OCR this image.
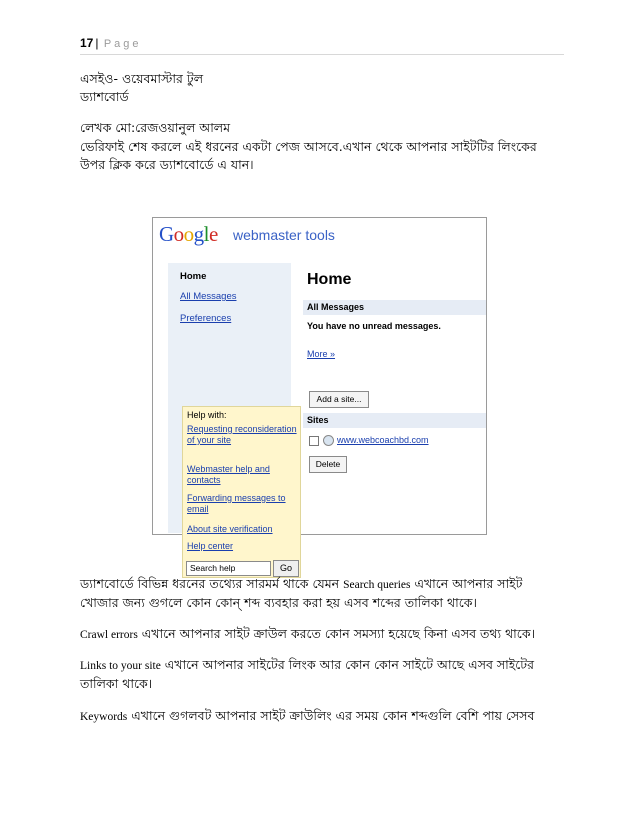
17 | Page
এসইও- ওয়েবমাস্টার টুল
ড্যাশবোর্ড
লেখক মো:রেজওয়ানুল আলম
ভেরিফাই শেষ করলে এই ধরনের একটা পেজ আসবে.এখান থেকে আপনার সাইটটির লিংকের
উপর ক্লিক করে ড্যাশবোর্ডে এ যান।
Google webmaster tools
Home
All Messages
Preferences
Help with:
Requesting reconsideration of your site
Webmaster help and contacts
Forwarding messages to email
About site verification
Help center
Search help	Go
Home
All Messages
You have no unread messages.
More »
Add a site...
Sites
www.webcoachbd.com
Delete
ড্যাশবোর্ডে বিভিন্ন ধরনের তথ্যের সারমর্ম থাকে যেমন Search queries এখানে আপনার সাইট
খোজার জন্য গুগলে কোন কোন্ শব্দ ব্যবহার করা হয় এসব শব্দের তালিকা থাকে।
Crawl errors এখানে আপনার সাইট ক্রাউল করতে কোন সমস্যা হয়েছে কিনা এসব তথ্য থাকে।
Links to your site এখানে আপনার সাইটের লিংক আর কোন কোন সাইটে আছে এসব সাইটের
তালিকা থাকে।
Keywords এখানে গুগলবট আপনার সাইট ক্রাউলিং এর সময় কোন শব্দগুলি বেশি পায় সেসব
